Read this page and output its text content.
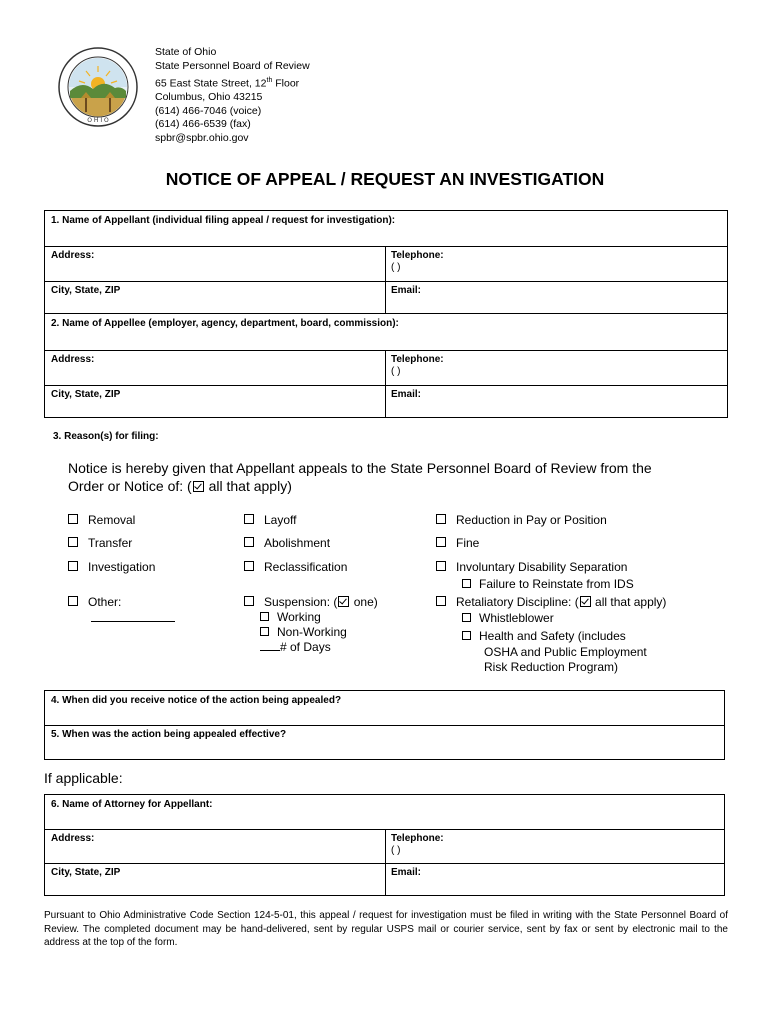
O H I O
State of Ohio
State Personnel Board of Review
65 East State Street, 12th Floor
Columbus, Ohio 43215
(614) 466-7046 (voice)
(614) 466-6539 (fax)
spbr@spbr.ohio.gov
NOTICE OF APPEAL / REQUEST AN INVESTIGATION
1. Name of Appellant (individual filing appeal / request for investigation):
Address:	Telephone:
( )
City, State, ZIP	Email:
2. Name of Appellee (employer, agency, department, board, commission):
Address:	Telephone:
( )
City, State, ZIP	Email:
3. Reason(s) for filing:
Notice is hereby given that Appellant appeals to the State Personnel Board of Review from the
Order or Notice of: ( all that apply)
Removal	Layoff	Reduction in Pay or Position
Transfer	Abolishment	Fine
Investigation	Reclassification	Involuntary Disability Separation
Failure to Reinstate from IDS
Other:	Suspension: ( one)
Working
Non-Working
# of Days
Retaliatory Discipline: ( all that apply)
Whistleblower
Health and Safety (includes
OSHA and Public Employment
Risk Reduction Program)
4. When did you receive notice of the action being appealed?
5. When was the action being appealed effective?
If applicable:
6. Name of Attorney for Appellant:
Address:	Telephone:
( )
City, State, ZIP	Email:
Pursuant to Ohio Administrative Code Section 124-5-01, this appeal / request for investigation must be filed in writing with the State Personnel Board of Review. The completed document may be hand-delivered, sent by regular USPS mail or courier service, sent by fax or sent by electronic mail to the address at the top of the form.
